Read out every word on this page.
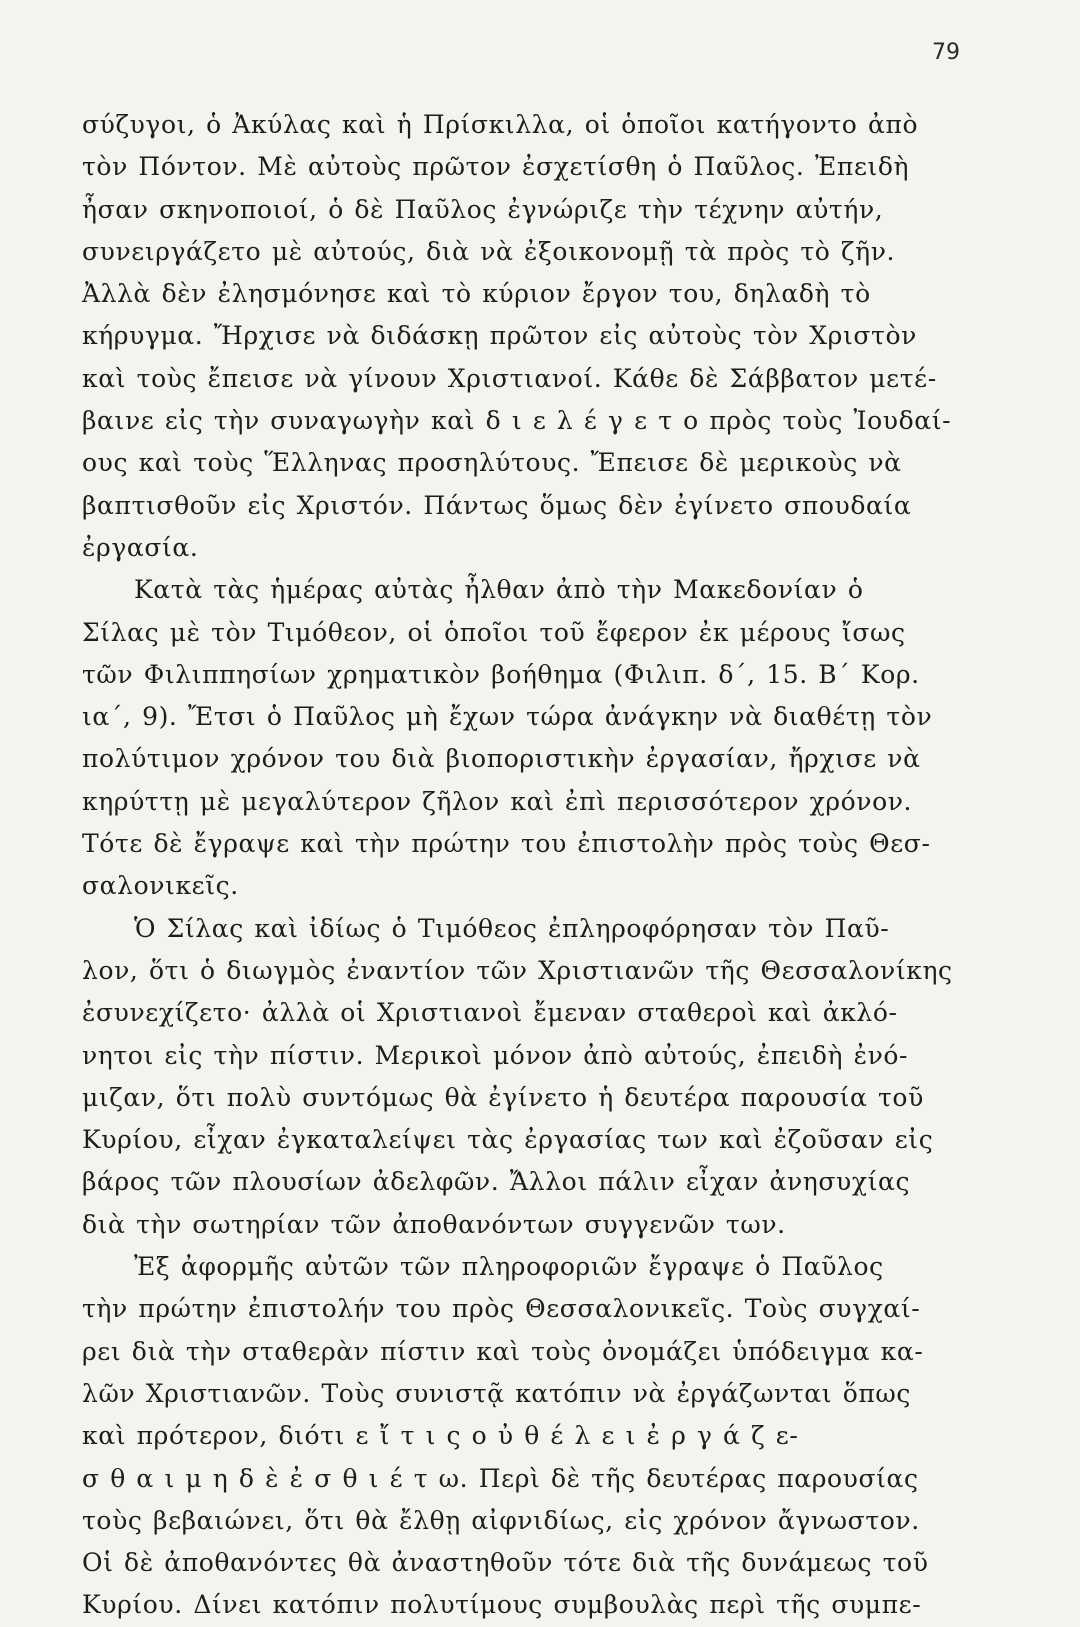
79
σύζυγοι, ὁ Ἀκύλας καὶ ἡ Πρίσκιλλα, οἱ ὁποῖοι κατήγοντο ἀπὸ
τὸν Πόντον. Μὲ αὐτοὺς πρῶτον ἐσχετίσθη ὁ Παῦλος. Ἐπειδὴ
ἦσαν σκηνοποιοί, ὁ δὲ Παῦλος ἐγνώριζε τὴν τέχνην αὐτήν,
συνειργάζετο μὲ αὐτούς, διὰ νὰ ἐξοικονομῇ τὰ πρὸς τὸ ζῆν.
Ἀλλὰ δὲν ἐλησμόνησε καὶ τὸ κύριον ἔργον του, δηλαδὴ τὸ
κήρυγμα. Ἤρχισε νὰ διδάσκῃ πρῶτον εἰς αὐτοὺς τὸν Χριστὸν
καὶ τοὺς ἔπεισε νὰ γίνουν Χριστιανοί. Κάθε δὲ Σάββατον μετέ-
βαινε εἰς τὴν συναγωγὴν καὶ δ ι ε λ έ γ ε τ ο πρὸς τοὺς Ἰουδαί-
ους καὶ τοὺς Ἕλληνας προσηλύτους. Ἔπεισε δὲ μερικοὺς νὰ
βαπτισθοῦν εἰς Χριστόν. Πάντως ὅμως δὲν ἐγίνετο σπουδαία
ἐργασία.
Κατὰ τὰς ἡμέρας αὐτὰς ἦλθαν ἀπὸ τὴν Μακεδονίαν ὁ
Σίλας μὲ τὸν Τιμόθεον, οἱ ὁποῖοι τοῦ ἔφερον ἐκ μέρους ἴσως
τῶν Φιλιππησίων χρηματικὸν βοήθημα (Φιλιπ. δ΄, 15. Β΄ Κορ.
ια΄, 9). Ἔτσι ὁ Παῦλος μὴ ἔχων τώρα ἀνάγκην νὰ διαθέτῃ τὸν
πολύτιμον χρόνον του διὰ βιοποριστικὴν ἐργασίαν, ἤρχισε νὰ
κηρύττῃ μὲ μεγαλύτερον ζῆλον καὶ ἐπὶ περισσότερον χρόνον.
Τότε δὲ ἔγραψε καὶ τὴν πρώτην του ἐπιστολὴν πρὸς τοὺς Θεσ-
σαλονικεῖς.
Ὁ Σίλας καὶ ἰδίως ὁ Τιμόθεος ἐπληροφόρησαν τὸν Παῦ-
λον, ὅτι ὁ διωγμὸς ἐναντίον τῶν Χριστιανῶν τῆς Θεσσαλονίκης
ἐσυνεχίζετο· ἀλλὰ οἱ Χριστιανοὶ ἔμεναν σταθεροὶ καὶ ἀκλό-
νητοι εἰς τὴν πίστιν. Μερικοὶ μόνον ἀπὸ αὐτούς, ἐπειδὴ ἐνό-
μιζαν, ὅτι πολὺ συντόμως θὰ ἐγίνετο ἡ δευτέρα παρουσία τοῦ
Κυρίου, εἶχαν ἐγκαταλείψει τὰς ἐργασίας των καὶ ἐζοῦσαν εἰς
βάρος τῶν πλουσίων ἀδελφῶν. Ἄλλοι πάλιν εἶχαν ἀνησυχίας
διὰ τὴν σωτηρίαν τῶν ἀποθανόντων συγγενῶν των.
Ἐξ ἀφορμῆς αὐτῶν τῶν πληροφοριῶν ἔγραψε ὁ Παῦλος
τὴν πρώτην ἐπιστολήν του πρὸς Θεσσαλονικεῖς. Τοὺς συγχαί-
ρει διὰ τὴν σταθερὰν πίστιν καὶ τοὺς ὀνομάζει ὑπόδειγμα κα-
λῶν Χριστιανῶν. Τοὺς συνιστᾷ κατόπιν νὰ ἐργάζωνται ὅπως
καὶ πρότερον, διότι ε ἴ τ ι ς ο ὐ θ έ λ ε ι ἐ ρ γ ά ζ ε-
σ θ α ι μ η δ ὲ ἐ σ θ ι έ τ ω. Περὶ δὲ τῆς δευτέρας παρουσίας
τοὺς βεβαιώνει, ὅτι θὰ ἔλθῃ αἰφνιδίως, εἰς χρόνον ἄγνωστον.
Οἱ δὲ ἀποθανόντες θὰ ἀναστηθοῦν τότε διὰ τῆς δυνάμεως τοῦ
Κυρίου. Δίνει κατόπιν πολυτίμους συμβουλὰς περὶ τῆς συμπε-
